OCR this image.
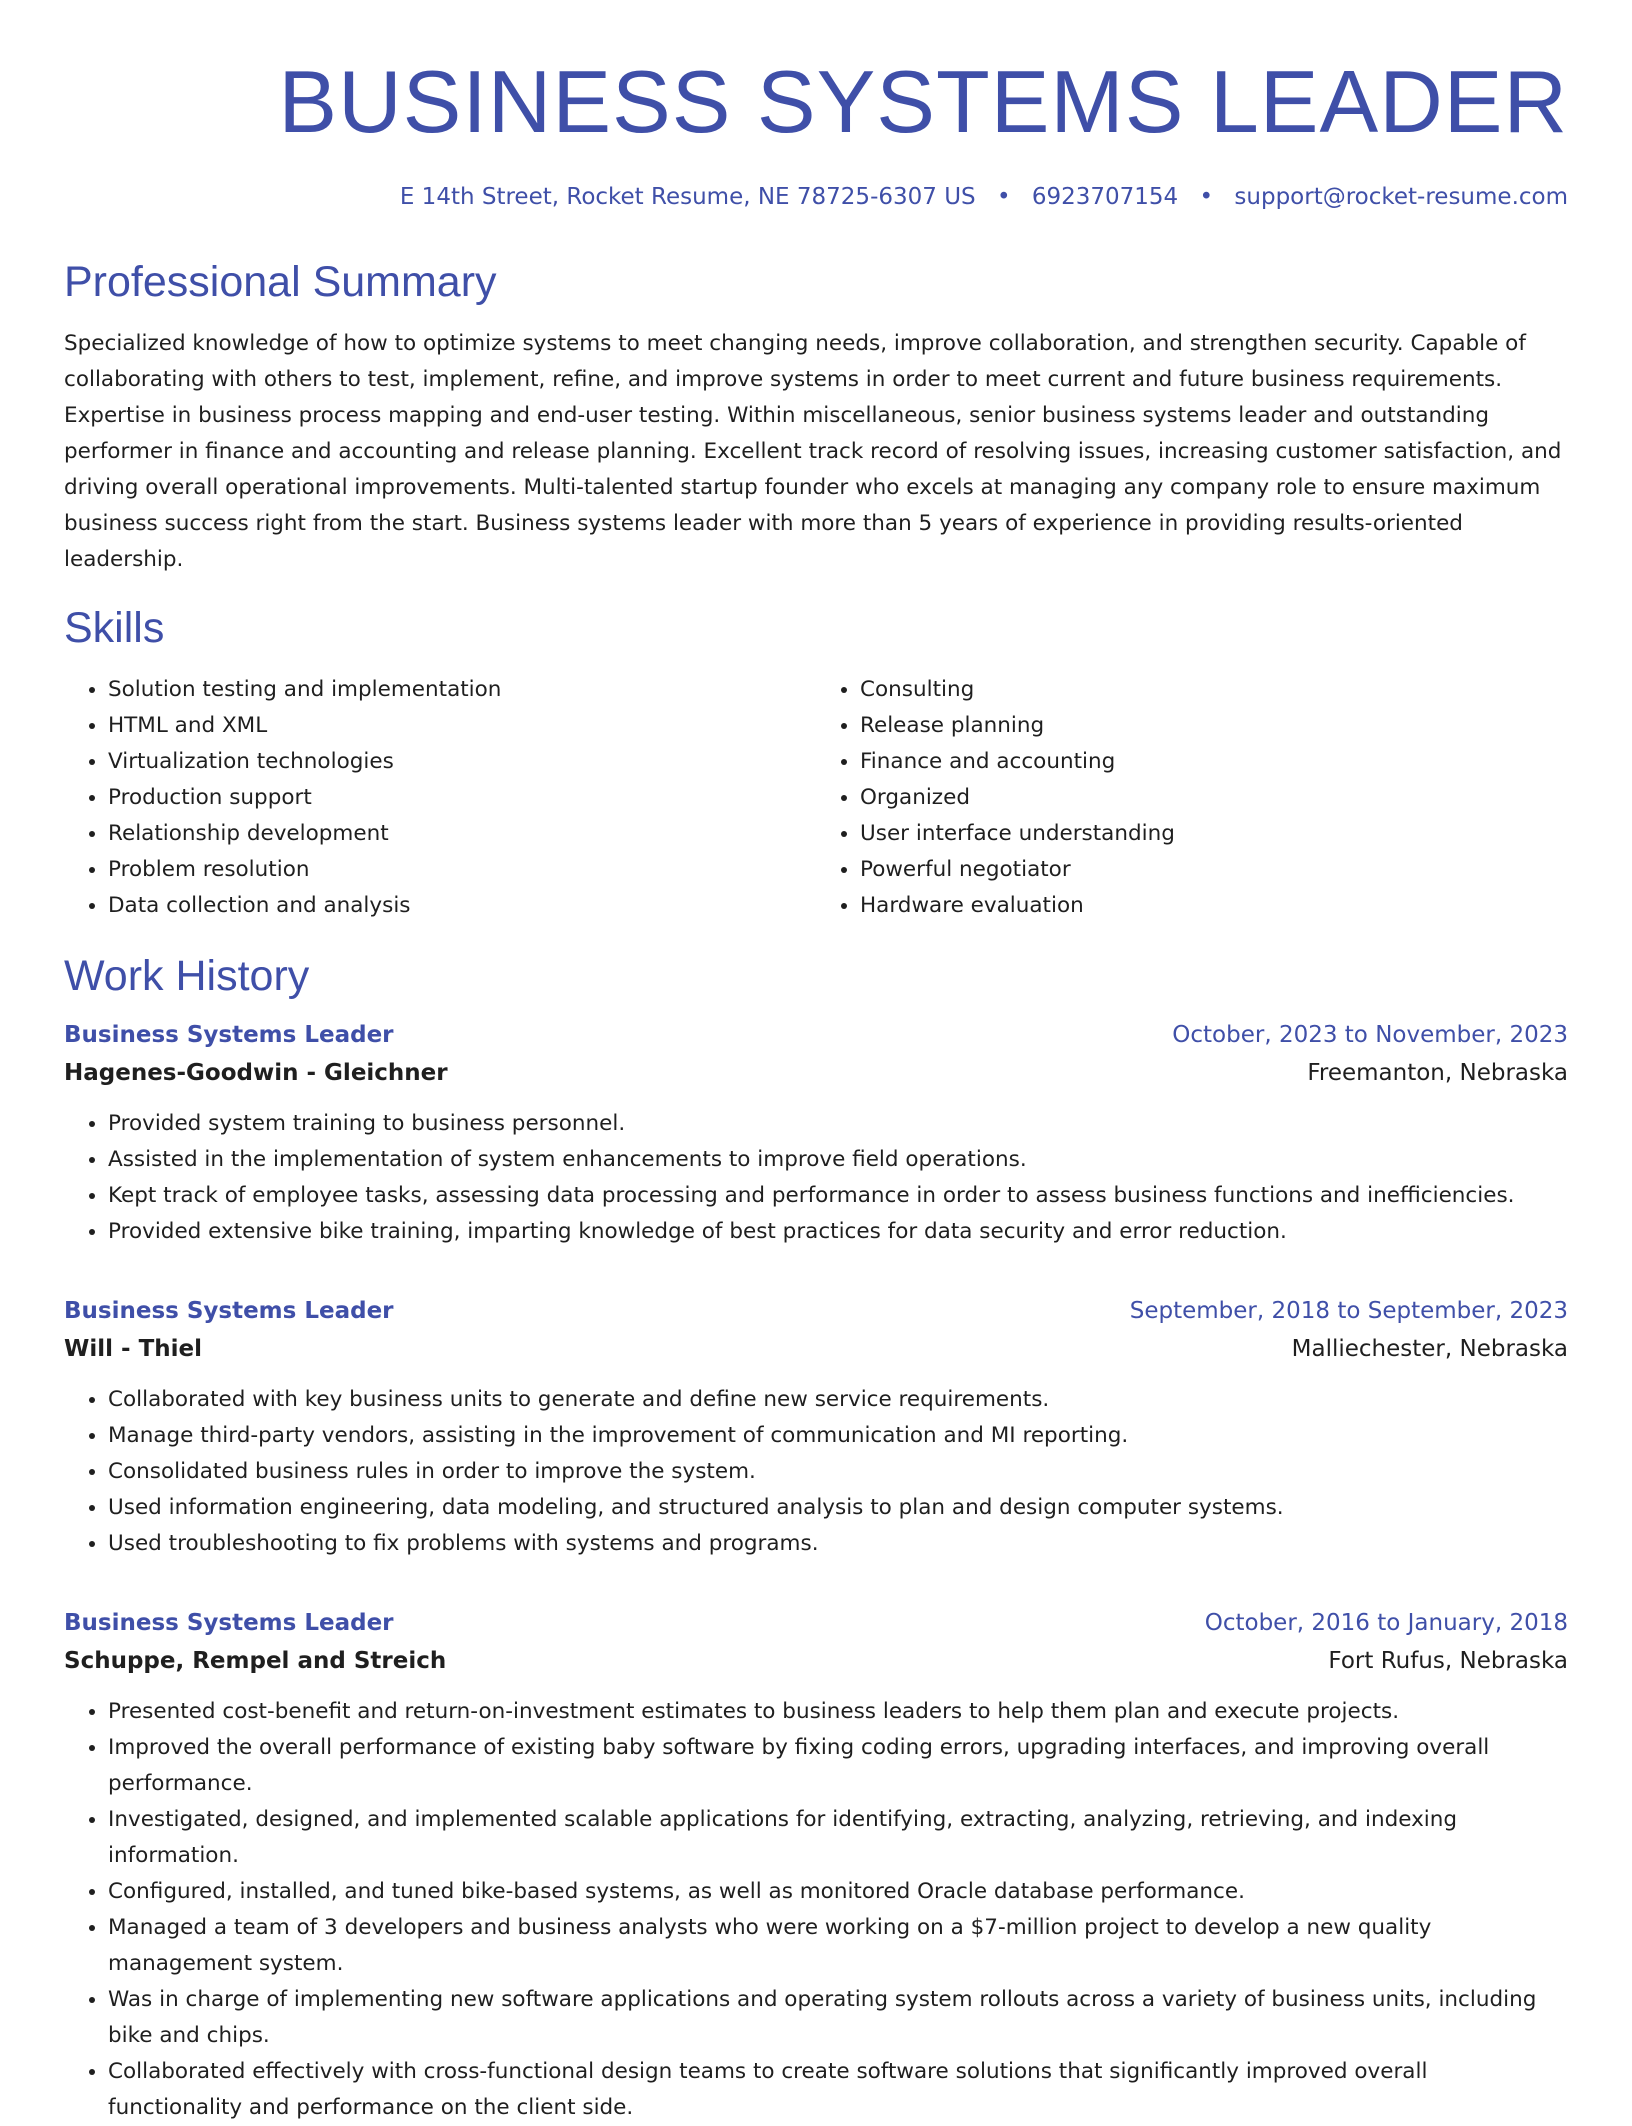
BUSINESS SYSTEMS LEADER
E 14th Street, Rocket Resume, NE 78725-6307 US • 6923707154 • support@rocket-resume.com
Professional Summary

Specialized knowledge of how to optimize systems to meet changing needs, improve collaboration, and strengthen security. Capable of collaborating with others to test, implement, refine, and improve systems in order to meet current and future business requirements. Expertise in business process mapping and end-user testing. Within miscellaneous, senior business systems leader and outstanding performer in finance and accounting and release planning. Excellent track record of resolving issues, increasing customer satisfaction, and driving overall operational improvements. Multi-talented startup founder who excels at managing any company role to ensure maximum business success right from the start. Business systems leader with more than 5 years of experience in providing results-oriented leadership.

Skills
• Solution testing and implementation
• HTML and XML
• Virtualization technologies
• Production support
• Relationship development
• Problem resolution
• Data collection and analysis
• Consulting
• Release planning
• Finance and accounting
• Organized
• User interface understanding
• Powerful negotiator
• Hardware evaluation
Work History
Business Systems Leader	October, 2023 to November, 2023
Hagenes-Goodwin - Gleichner	Freemanton, Nebraska
• Provided system training to business personnel.
• Assisted in the implementation of system enhancements to improve field operations.
• Kept track of employee tasks, assessing data processing and performance in order to assess business functions and inefficiencies.
• Provided extensive bike training, imparting knowledge of best practices for data security and error reduction.
Business Systems Leader	September, 2018 to September, 2023
Will - Thiel	Malliechester, Nebraska
• Collaborated with key business units to generate and define new service requirements.
• Manage third-party vendors, assisting in the improvement of communication and MI reporting.
• Consolidated business rules in order to improve the system.
• Used information engineering, data modeling, and structured analysis to plan and design computer systems.
• Used troubleshooting to fix problems with systems and programs.
Business Systems Leader	October, 2016 to January, 2018
Schuppe, Rempel and Streich	Fort Rufus, Nebraska
• Presented cost-benefit and return-on-investment estimates to business leaders to help them plan and execute projects.
• Improved the overall performance of existing baby software by fixing coding errors, upgrading interfaces, and improving overall performance.
• Investigated, designed, and implemented scalable applications for identifying, extracting, analyzing, retrieving, and indexing information.
• Configured, installed, and tuned bike-based systems, as well as monitored Oracle database performance.
• Managed a team of 3 developers and business analysts who were working on a $7-million project to develop a new quality management system.
• Was in charge of implementing new software applications and operating system rollouts across a variety of business units, including bike and chips.
• Collaborated effectively with cross-functional design teams to create software solutions that significantly improved overall functionality and performance on the client side.
